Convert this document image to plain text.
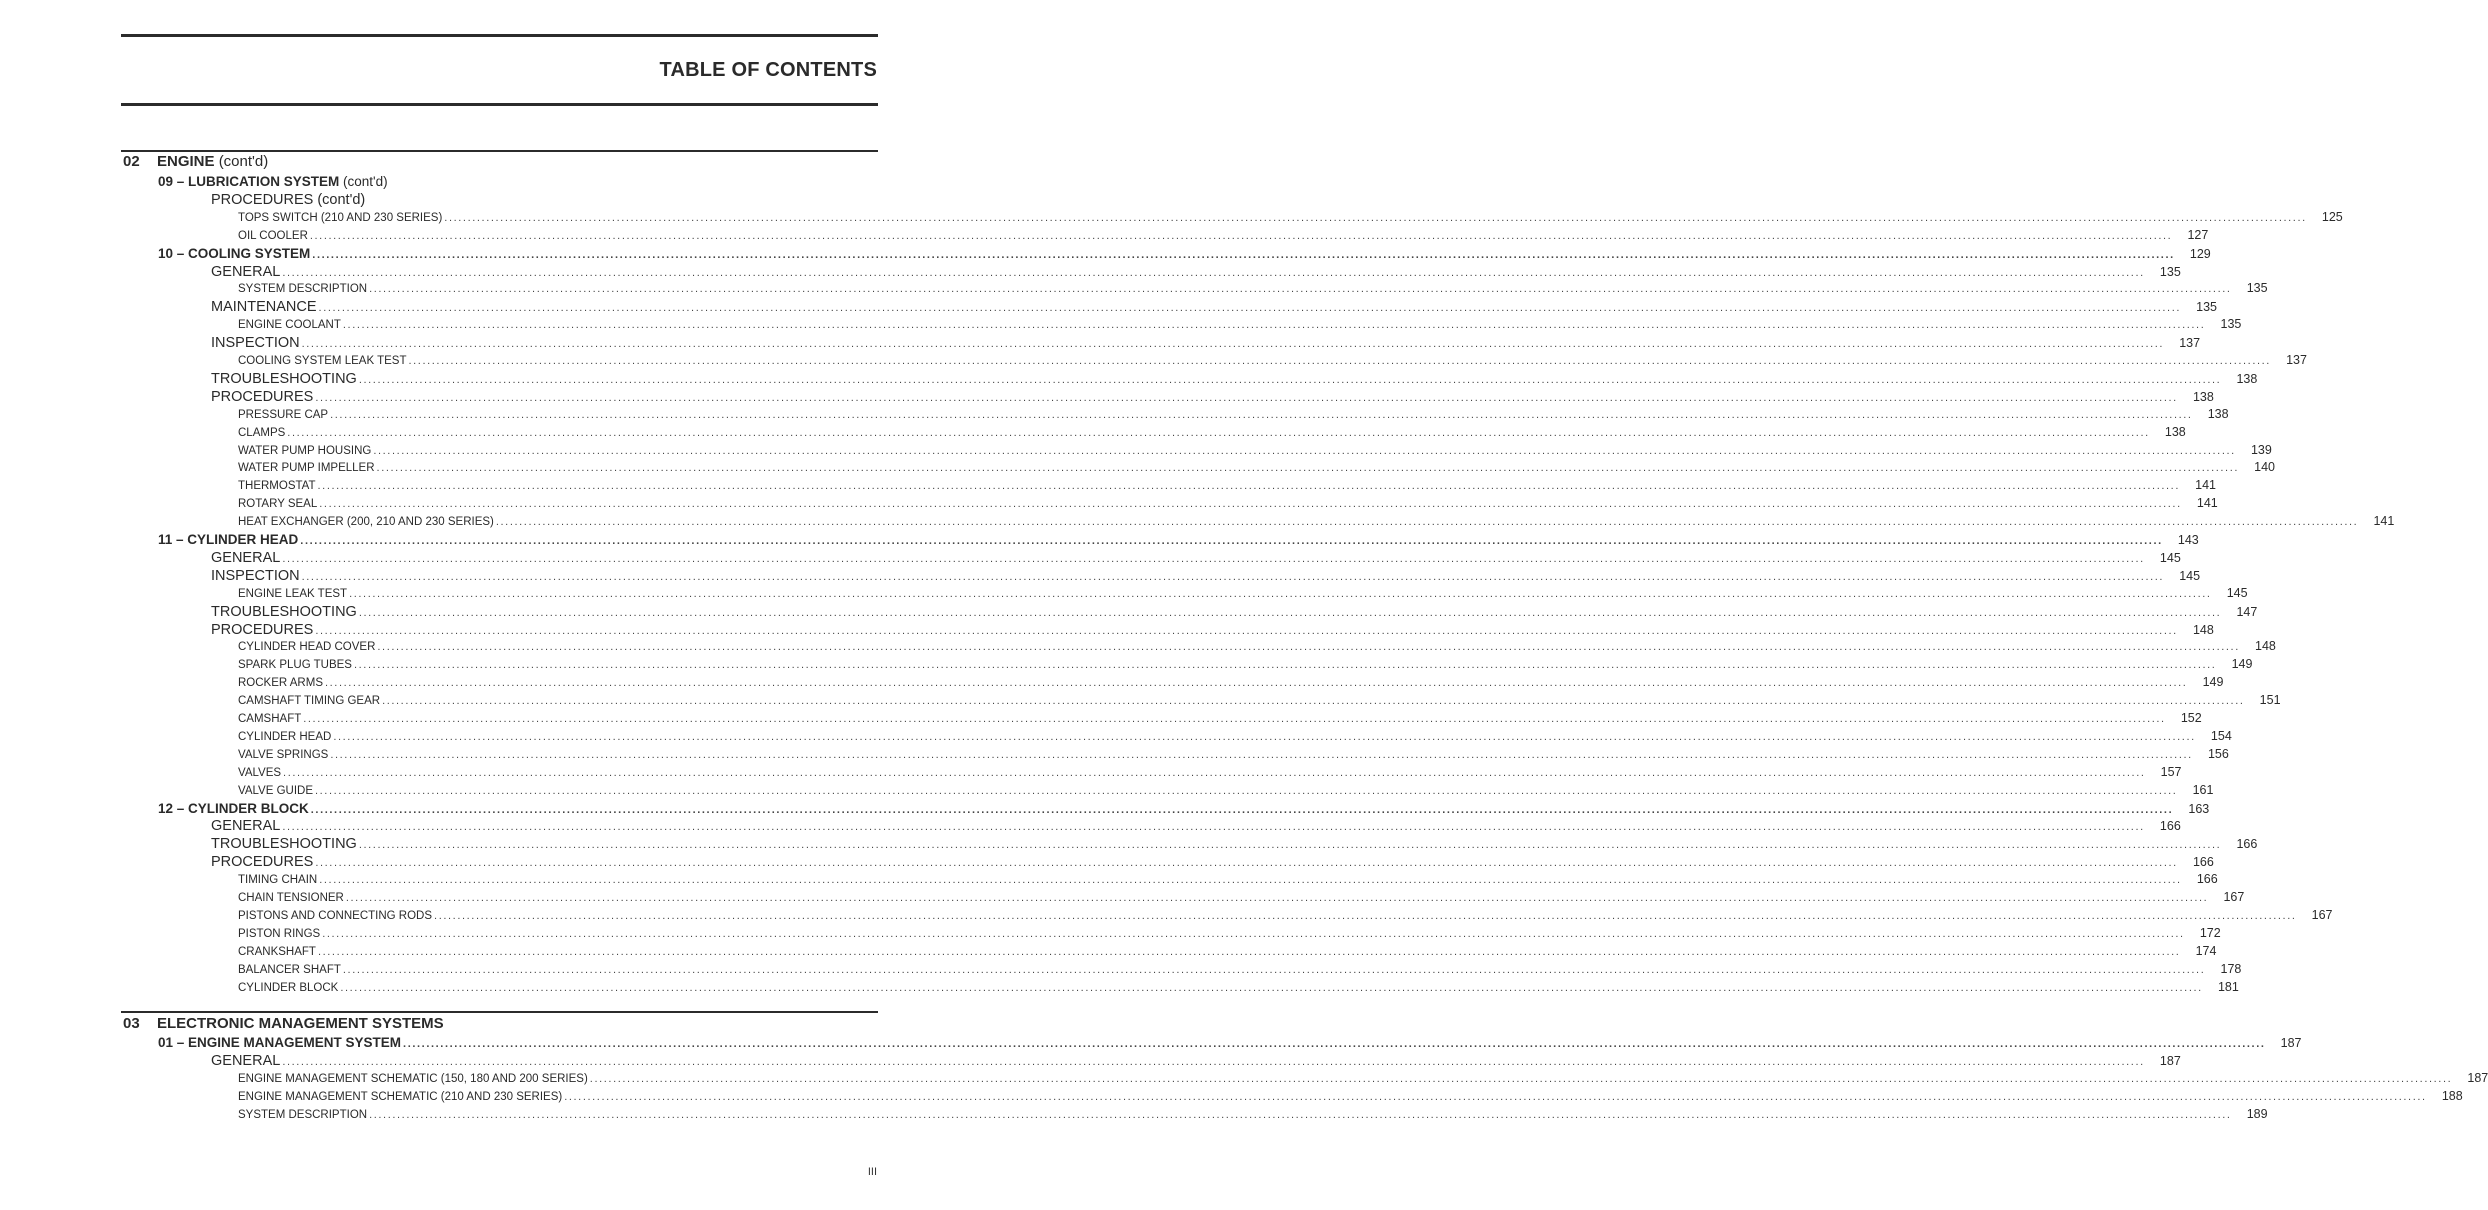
TABLE OF CONTENTS
02 ENGINE (cont'd)
09 – LUBRICATION SYSTEM (cont'd)
PROCEDURES (cont'd)
TOPS SWITCH (210 AND 230 SERIES) ................................................................................................................................................................................................................................................................................................................................................................................................................	125
OIL COOLER ................................................................................................................................................................................................................................................................................................................................................................................................................	127
10 – COOLING SYSTEM ................................................................................................................................................................................................................................................................................................................................................................................................................	129
GENERAL ................................................................................................................................................................................................................................................................................................................................................................................................................	135
SYSTEM DESCRIPTION ................................................................................................................................................................................................................................................................................................................................................................................................................	135
MAINTENANCE ................................................................................................................................................................................................................................................................................................................................................................................................................	135
ENGINE COOLANT ................................................................................................................................................................................................................................................................................................................................................................................................................	135
INSPECTION ................................................................................................................................................................................................................................................................................................................................................................................................................	137
COOLING SYSTEM LEAK TEST ................................................................................................................................................................................................................................................................................................................................................................................................................	137
TROUBLESHOOTING ................................................................................................................................................................................................................................................................................................................................................................................................................	138
PROCEDURES ................................................................................................................................................................................................................................................................................................................................................................................................................	138
PRESSURE CAP ................................................................................................................................................................................................................................................................................................................................................................................................................	138
CLAMPS ................................................................................................................................................................................................................................................................................................................................................................................................................	138
WATER PUMP HOUSING ................................................................................................................................................................................................................................................................................................................................................................................................................	139
WATER PUMP IMPELLER ................................................................................................................................................................................................................................................................................................................................................................................................................	140
THERMOSTAT ................................................................................................................................................................................................................................................................................................................................................................................................................	141
ROTARY SEAL ................................................................................................................................................................................................................................................................................................................................................................................................................	141
HEAT EXCHANGER (200, 210 AND 230 SERIES) ................................................................................................................................................................................................................................................................................................................................................................................................................	141
11 – CYLINDER HEAD ................................................................................................................................................................................................................................................................................................................................................................................................................	143
GENERAL ................................................................................................................................................................................................................................................................................................................................................................................................................	145
INSPECTION ................................................................................................................................................................................................................................................................................................................................................................................................................	145
ENGINE LEAK TEST ................................................................................................................................................................................................................................................................................................................................................................................................................	145
TROUBLESHOOTING ................................................................................................................................................................................................................................................................................................................................................................................................................	147
PROCEDURES ................................................................................................................................................................................................................................................................................................................................................................................................................	148
CYLINDER HEAD COVER ................................................................................................................................................................................................................................................................................................................................................................................................................	148
SPARK PLUG TUBES ................................................................................................................................................................................................................................................................................................................................................................................................................	149
ROCKER ARMS ................................................................................................................................................................................................................................................................................................................................................................................................................	149
CAMSHAFT TIMING GEAR ................................................................................................................................................................................................................................................................................................................................................................................................................	151
CAMSHAFT ................................................................................................................................................................................................................................................................................................................................................................................................................	152
CYLINDER HEAD ................................................................................................................................................................................................................................................................................................................................................................................................................	154
VALVE SPRINGS ................................................................................................................................................................................................................................................................................................................................................................................................................	156
VALVES ................................................................................................................................................................................................................................................................................................................................................................................................................	157
VALVE GUIDE ................................................................................................................................................................................................................................................................................................................................................................................................................	161
12 – CYLINDER BLOCK ................................................................................................................................................................................................................................................................................................................................................................................................................	163
GENERAL ................................................................................................................................................................................................................................................................................................................................................................................................................	166
TROUBLESHOOTING ................................................................................................................................................................................................................................................................................................................................................................................................................	166
PROCEDURES ................................................................................................................................................................................................................................................................................................................................................................................................................	166
TIMING CHAIN ................................................................................................................................................................................................................................................................................................................................................................................................................	166
CHAIN TENSIONER ................................................................................................................................................................................................................................................................................................................................................................................................................	167
PISTONS AND CONNECTING RODS ................................................................................................................................................................................................................................................................................................................................................................................................................	167
PISTON RINGS ................................................................................................................................................................................................................................................................................................................................................................................................................	172
CRANKSHAFT ................................................................................................................................................................................................................................................................................................................................................................................................................	174
BALANCER SHAFT ................................................................................................................................................................................................................................................................................................................................................................................................................	178
CYLINDER BLOCK ................................................................................................................................................................................................................................................................................................................................................................................................................	181
03 ELECTRONIC MANAGEMENT SYSTEMS
01 – ENGINE MANAGEMENT SYSTEM ................................................................................................................................................................................................................................................................................................................................................................................................................	187
GENERAL ................................................................................................................................................................................................................................................................................................................................................................................................................	187
ENGINE MANAGEMENT SCHEMATIC (150, 180 AND 200 SERIES) ................................................................................................................................................................................................................................................................................................................................................................................................................	187
ENGINE MANAGEMENT SCHEMATIC (210 AND 230 SERIES) ................................................................................................................................................................................................................................................................................................................................................................................................................	188
SYSTEM DESCRIPTION ................................................................................................................................................................................................................................................................................................................................................................................................................	189
III
